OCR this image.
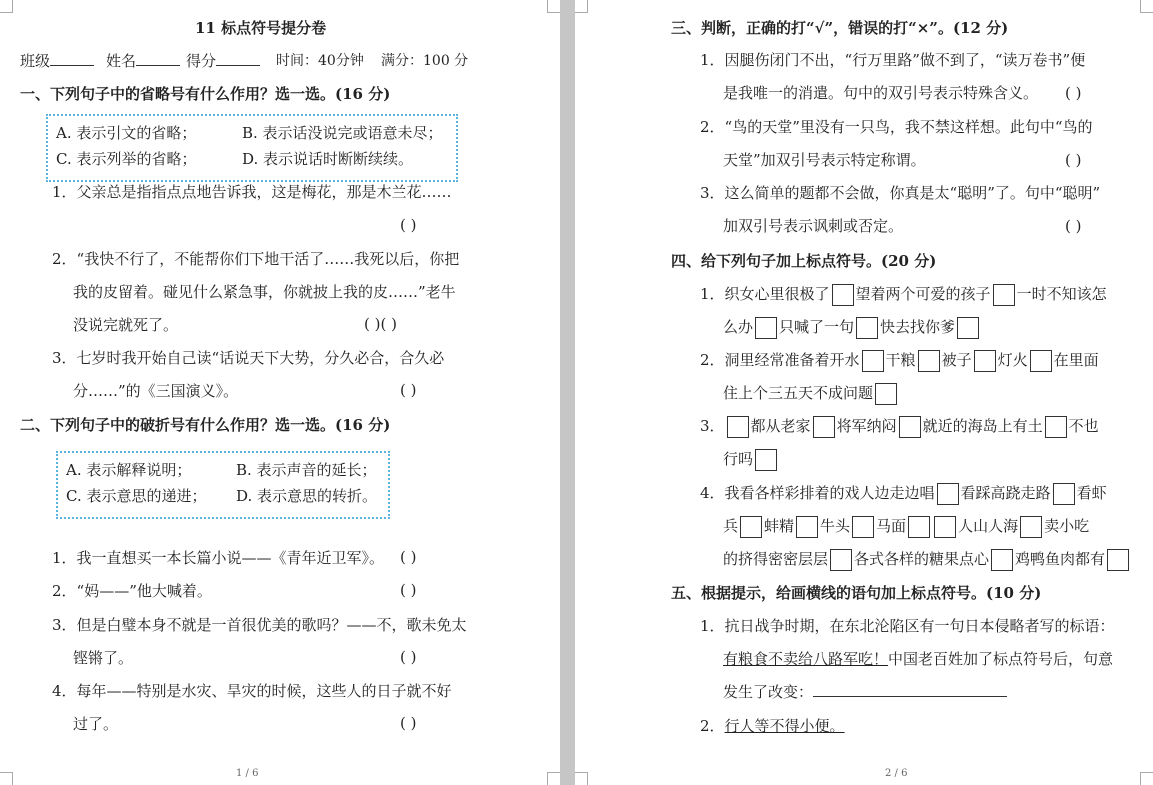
11 标点符号提分卷
班级	姓名	得分	时间：40分钟 满分：100 分
一、下列句子中的省略号有什么作用？选一选。(16 分)
A. 表示引文的省略；	B. 表示话没说完或语意未尽；
C. 表示列举的省略；	D. 表示说话时断断续续。
1．父亲总是指指点点地告诉我，这是梅花，那是木兰花……
( )
2．“我快不行了，不能帮你们下地干活了……我死以后，你把
我的皮留着。碰见什么紧急事，你就披上我的皮……”老牛
没说完就死了。	( )( )
3．七岁时我开始自己读“话说天下大势，分久必合，合久必
分……”的《三国演义》。	( )
二、下列句子中的破折号有什么作用？选一选。(16 分)
A. 表示解释说明；	B. 表示声音的延长；
C. 表示意思的递进； D. 表示意思的转折。
1．我一直想买一本长篇小说——《青年近卫军》。 ( )
2．“妈——”他大喊着。	( )
3．但是白璧本身不就是一首很优美的歌吗？——不，歌未免太
铿锵了。	( )
4．每年——特别是水灾、旱灾的时候，这些人的日子就不好
过了。	( )
1 / 6
三、判断，正确的打“√”，错误的打“×”。(12 分)
1．因腿伤闭门不出，“行万里路”做不到了，“读万卷书”便
是我唯一的消遣。句中的双引号表示特殊含义。 ( )
2．“鸟的天堂”里没有一只鸟，我不禁这样想。此句中“鸟的
天堂”加双引号表示特定称谓。	( )
3．这么简单的题都不会做，你真是太“聪明”了。句中“聪明”
加双引号表示讽刺或否定。	( )
四、给下列句子加上标点符号。(20 分)
1．织女心里很极了 望着两个可爱的孩子 一时不知该怎
么办 只喊了一句 快去找你爹
2．洞里经常准备着开水 干粮 被子 灯火 在里面
住上个三五天不成问题
3． 都从老家 将军纳闷 就近的海岛上有土 不也
行吗
4．我看各样彩排着的戏人边走边唱 看踩高跷走路 看虾
兵 蚌精 牛头 马面	人山人海 卖小吃
的挤得密密层层 各式各样的糖果点心 鸡鸭鱼肉都有
五、根据提示，给画横线的语句加上标点符号。(10 分)
1．抗日战争时期，在东北沦陷区有一句日本侵略者写的标语：
有粮食不卖给八路军吃！中国老百姓加了标点符号后，句意
发生了改变：
2．行人等不得小便。
2 / 6
